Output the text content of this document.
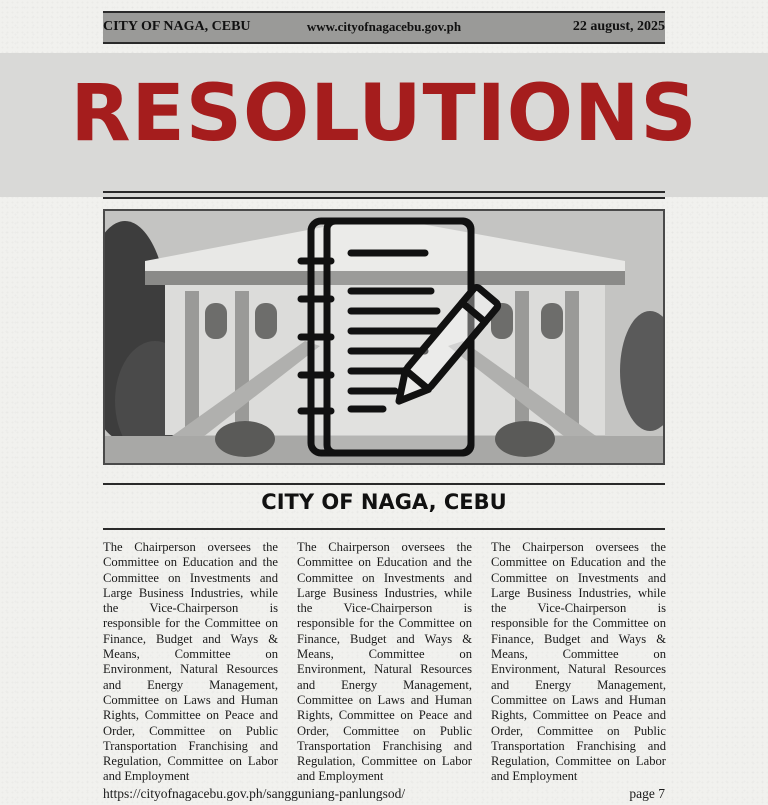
CITY OF NAGA, CEBU	www.cityofnagacebu.gov.ph	22 august, 2025
RESOLUTIONS
CITY OF NAGA, CEBU
The Chairperson oversees the Committee on Education and the Committee on Investments and Large Business Industries, while the Vice-Chairperson is responsible for the Committee on Finance, Budget and Ways & Means, Committee on Environment, Natural Resources and Energy Management, Committee on Laws and Human Rights, Committee on Peace and Order, Committee on Public Transportation Franchising and Regulation, Committee on Labor and Employment
The Chairperson oversees the Committee on Education and the Committee on Investments and Large Business Industries, while the Vice-Chairperson is responsible for the Committee on Finance, Budget and Ways & Means, Committee on Environment, Natural Resources and Energy Management, Committee on Laws and Human Rights, Committee on Peace and Order, Committee on Public Transportation Franchising and Regulation, Committee on Labor and Employment
The Chairperson oversees the Committee on Education and the Committee on Investments and Large Business Industries, while the Vice-Chairperson is responsible for the Committee on Finance, Budget and Ways & Means, Committee on Environment, Natural Resources and Energy Management, Committee on Laws and Human Rights, Committee on Peace and Order, Committee on Public Transportation Franchising and Regulation, Committee on Labor and Employment
https://cityofnagacebu.gov.ph/sangguniang-panlungsod/	page 7
